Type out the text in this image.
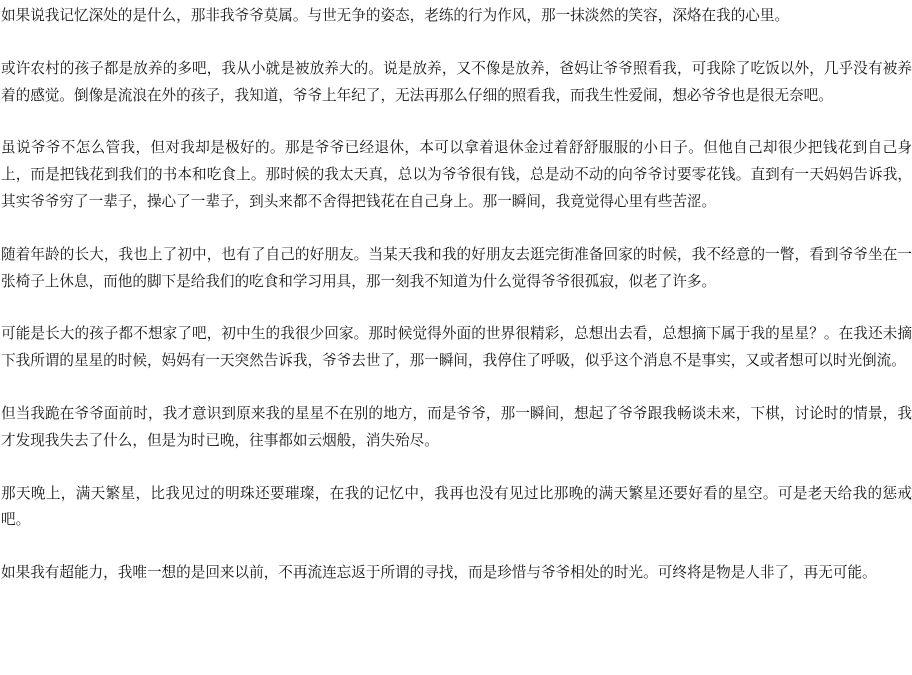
如果说我记忆深处的是什么，那非我爷爷莫属。与世无争的姿态，老练的行为作风，那一抹淡然的笑容，深烙在我的心里。

或许农村的孩子都是放养的多吧，我从小就是被放养大的。说是放养，又不像是放养，爸妈让爷爷照看我，可我除了吃饭以外，几乎没有被养着的感觉。倒像是流浪在外的孩子，我知道，爷爷上年纪了，无法再那么仔细的照看我，而我生性爱闹，想必爷爷也是很无奈吧。

虽说爷爷不怎么管我，但对我却是极好的。那是爷爷已经退休，本可以拿着退休金过着舒舒服服的小日子。但他自己却很少把钱花到自己身上，而是把钱花到我们的书本和吃食上。那时候的我太天真，总以为爷爷很有钱，总是动不动的向爷爷讨要零花钱。直到有一天妈妈告诉我，其实爷爷穷了一辈子，操心了一辈子，到头来都不舍得把钱花在自己身上。那一瞬间，我竟觉得心里有些苦涩。

随着年龄的长大，我也上了初中，也有了自己的好朋友。当某天我和我的好朋友去逛完街准备回家的时候，我不经意的一瞥，看到爷爷坐在一张椅子上休息，而他的脚下是给我们的吃食和学习用具，那一刻我不知道为什么觉得爷爷很孤寂，似老了许多。

可能是长大的孩子都不想家了吧，初中生的我很少回家。那时候觉得外面的世界很精彩，总想出去看，总想摘下属于我的星星？。在我还未摘下我所谓的星星的时候，妈妈有一天突然告诉我，爷爷去世了，那一瞬间，我停住了呼吸，似乎这个消息不是事实，又或者想可以时光倒流。

但当我跪在爷爷面前时，我才意识到原来我的星星不在别的地方，而是爷爷，那一瞬间，想起了爷爷跟我畅谈未来，下棋，讨论时的情景，我才发现我失去了什么，但是为时已晚，往事都如云烟般，消失殆尽。

那天晚上，满天繁星，比我见过的明珠还要璀璨，在我的记忆中，我再也没有见过比那晚的满天繁星还要好看的星空。可是老天给我的惩戒吧。

如果我有超能力，我唯一想的是回来以前，不再流连忘返于所谓的寻找，而是珍惜与爷爷相处的时光。可终将是物是人非了，再无可能。
